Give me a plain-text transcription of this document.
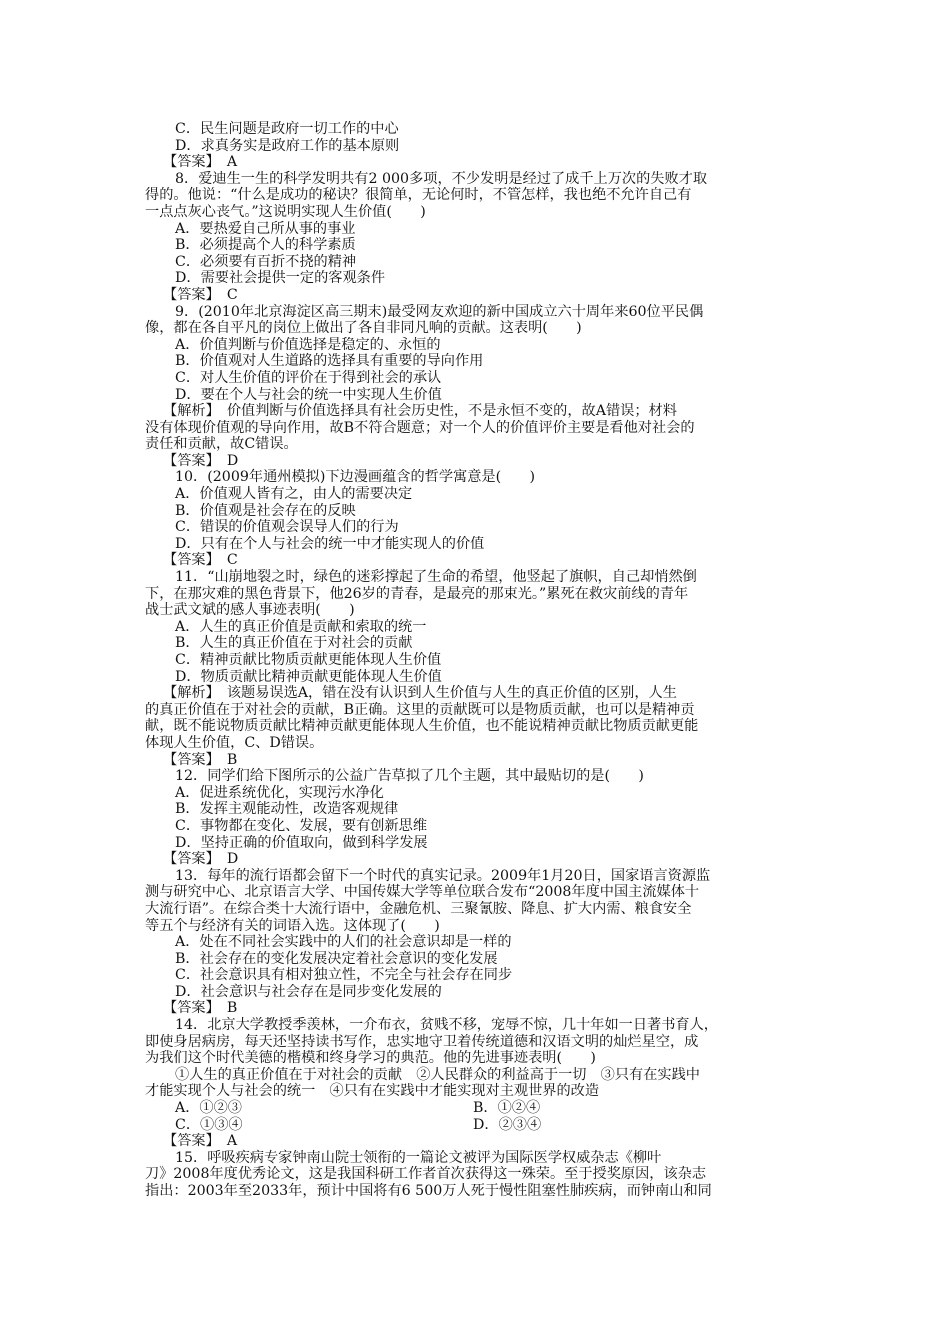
C．民生问题是政府一切工作的中心
D．求真务实是政府工作的基本原则
【答案】　A
8．爱迪生一生的科学发明共有2 000多项，不少发明是经过了成千上万次的失败才取
得的。他说：“什么是成功的秘诀？很简单，无论何时，不管怎样，我也绝不允许自己有
一点点灰心丧气。”这说明实现人生价值(　　)
A．要热爱自己所从事的事业
B．必须提高个人的科学素质
C．必须要有百折不挠的精神
D．需要社会提供一定的客观条件
【答案】　C
9．(2010年北京海淀区高三期末)最受网友欢迎的新中国成立六十周年来60位平民偶
像，都在各自平凡的岗位上做出了各自非同凡响的贡献。这表明(　　)
A．价值判断与价值选择是稳定的、永恒的
B．价值观对人生道路的选择具有重要的导向作用
C．对人生价值的评价在于得到社会的承认
D．要在个人与社会的统一中实现人生价值
【解析】　价值判断与价值选择具有社会历史性，不是永恒不变的，故A错误；材料
没有体现价值观的导向作用，故B不符合题意；对一个人的价值评价主要是看他对社会的
责任和贡献，故C错误。
【答案】　D
10．(2009年通州模拟)下边漫画蕴含的哲学寓意是(　　)
A．价值观人皆有之，由人的需要决定
B．价值观是社会存在的反映
C．错误的价值观会误导人们的行为
D．只有在个人与社会的统一中才能实现人的价值
【答案】　C
11．“山崩地裂之时，绿色的迷彩撑起了生命的希望，他竖起了旗帜，自己却悄然倒
下，在那灾难的黑色背景下，他26岁的青春，是最亮的那束光。”累死在救灾前线的青年
战士武文斌的感人事迹表明(　　)
A．人生的真正价值是贡献和索取的统一
B．人生的真正价值在于对社会的贡献
C．精神贡献比物质贡献更能体现人生价值
D．物质贡献比精神贡献更能体现人生价值
【解析】　该题易误选A，错在没有认识到人生价值与人生的真正价值的区别，人生
的真正价值在于对社会的贡献，B正确。这里的贡献既可以是物质贡献，也可以是精神贡
献，既不能说物质贡献比精神贡献更能体现人生价值，也不能说精神贡献比物质贡献更能
体现人生价值，C、D错误。
【答案】　B
12．同学们给下图所示的公益广告草拟了几个主题，其中最贴切的是(　　)
A．促进系统优化，实现污水净化
B．发挥主观能动性，改造客观规律
C．事物都在变化、发展，要有创新思维
D．坚持正确的价值取向，做到科学发展
【答案】　D
13．每年的流行语都会留下一个时代的真实记录。2009年1月20日，国家语言资源监
测与研究中心、北京语言大学、中国传媒大学等单位联合发布“2008年度中国主流媒体十
大流行语”。在综合类十大流行语中，金融危机、三聚氰胺、降息、扩大内需、粮食安全
等五个与经济有关的词语入选。这体现了(　　)
A．处在不同社会实践中的人们的社会意识却是一样的
B．社会存在的变化发展决定着社会意识的变化发展
C．社会意识具有相对独立性，不完全与社会存在同步
D．社会意识与社会存在是同步变化发展的
【答案】　B
14．北京大学教授季羡林，一介布衣，贫贱不移，宠辱不惊，几十年如一日著书育人，
即使身居病房，每天还坚持读书写作，忠实地守卫着传统道德和汉语文明的灿烂星空，成
为我们这个时代美德的楷模和终身学习的典范。他的先进事迹表明(　　)
①人生的真正价值在于对社会的贡献　②人民群众的利益高于一切　③只有在实践中
才能实现个人与社会的统一　④只有在实践中才能实现对主观世界的改造
A．①②③	B．①②④
C．①③④	D．②③④
【答案】　A
15．呼吸疾病专家钟南山院士领衔的一篇论文被评为国际医学权威杂志《柳叶
刀》2008年度优秀论文，这是我国科研工作者首次获得这一殊荣。至于授奖原因，该杂志
指出：2003年至2033年，预计中国将有6 500万人死于慢性阻塞性肺疾病，而钟南山和同
